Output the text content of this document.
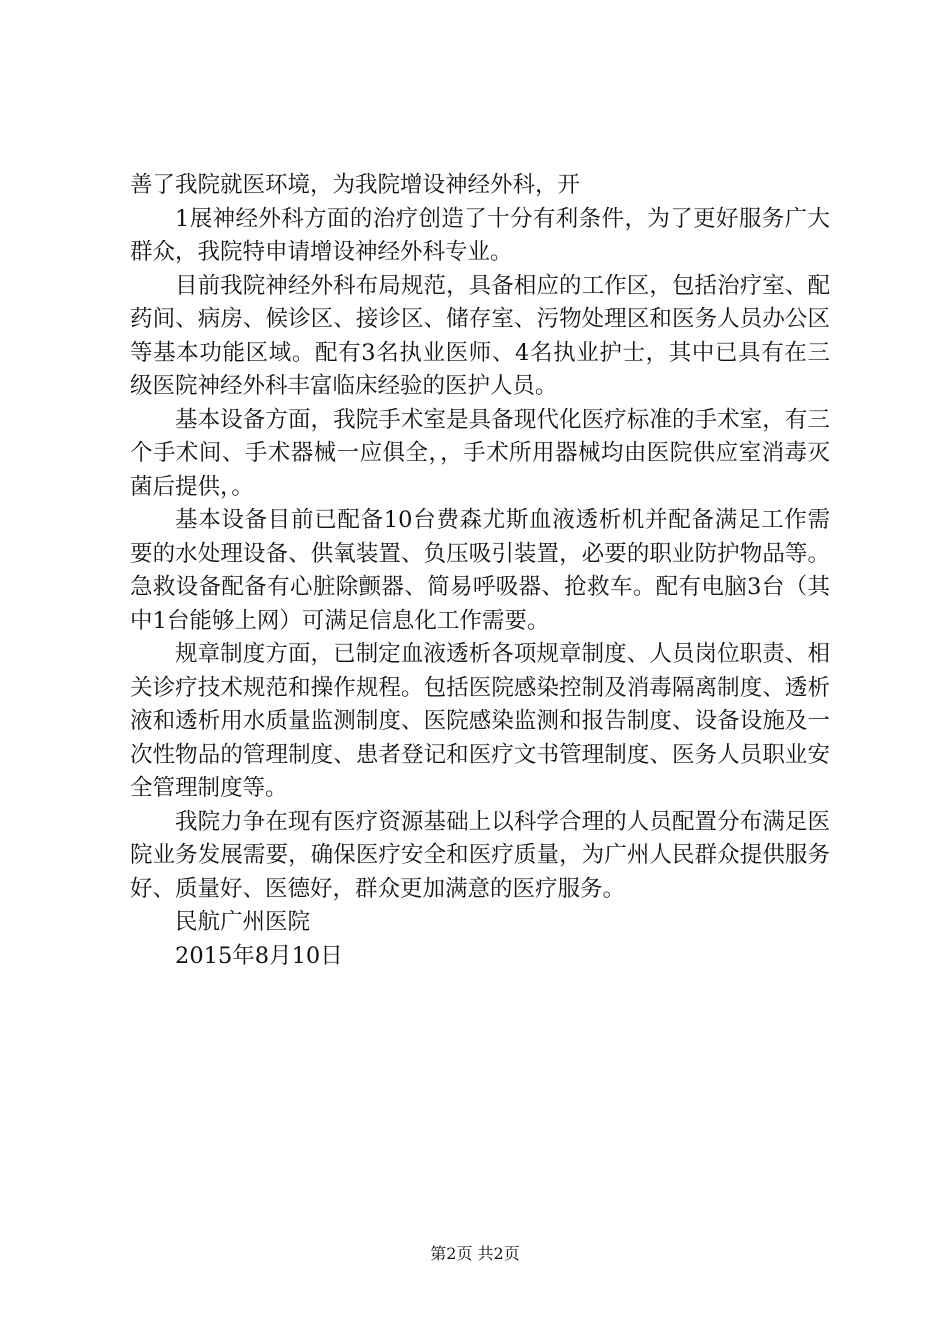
善了我院就医环境，为我院增设神经外科，开

1展神经外科方面的治疗创造了十分有利条件，为了更好服务广大群众，我院特申请增设神经外科专业。

目前我院神经外科布局规范，具备相应的工作区，包括治疗室、配药间、病房、候诊区、接诊区、储存室、污物处理区和医务人员办公区等基本功能区域。配有3名执业医师、4名执业护士，其中已具有在三级医院神经外科丰富临床经验的医护人员。

基本设备方面，我院手术室是具备现代化医疗标准的手术室，有三个手术间、手术器械一应俱全，，手术所用器械均由医院供应室消毒灭菌后提供，。

基本设备目前已配备10台费森尤斯血液透析机并配备满足工作需要的水处理设备、供氧装置、负压吸引装置，必要的职业防护物品等。急救设备配备有心脏除颤器、简易呼吸器、抢救车。配有电脑3台（其中1台能够上网）可满足信息化工作需要。

规章制度方面，已制定血液透析各项规章制度、人员岗位职责、相关诊疗技术规范和操作规程。包括医院感染控制及消毒隔离制度、透析液和透析用水质量监测制度、医院感染监测和报告制度、设备设施及一次性物品的管理制度、患者登记和医疗文书管理制度、医务人员职业安全管理制度等。

我院力争在现有医疗资源基础上以科学合理的人员配置分布满足医院业务发展需要，确保医疗安全和医疗质量，为广州人民群众提供服务好、质量好、医德好，群众更加满意的医疗服务。

民航广州医院

2015年8月10日

第2页 共2页
